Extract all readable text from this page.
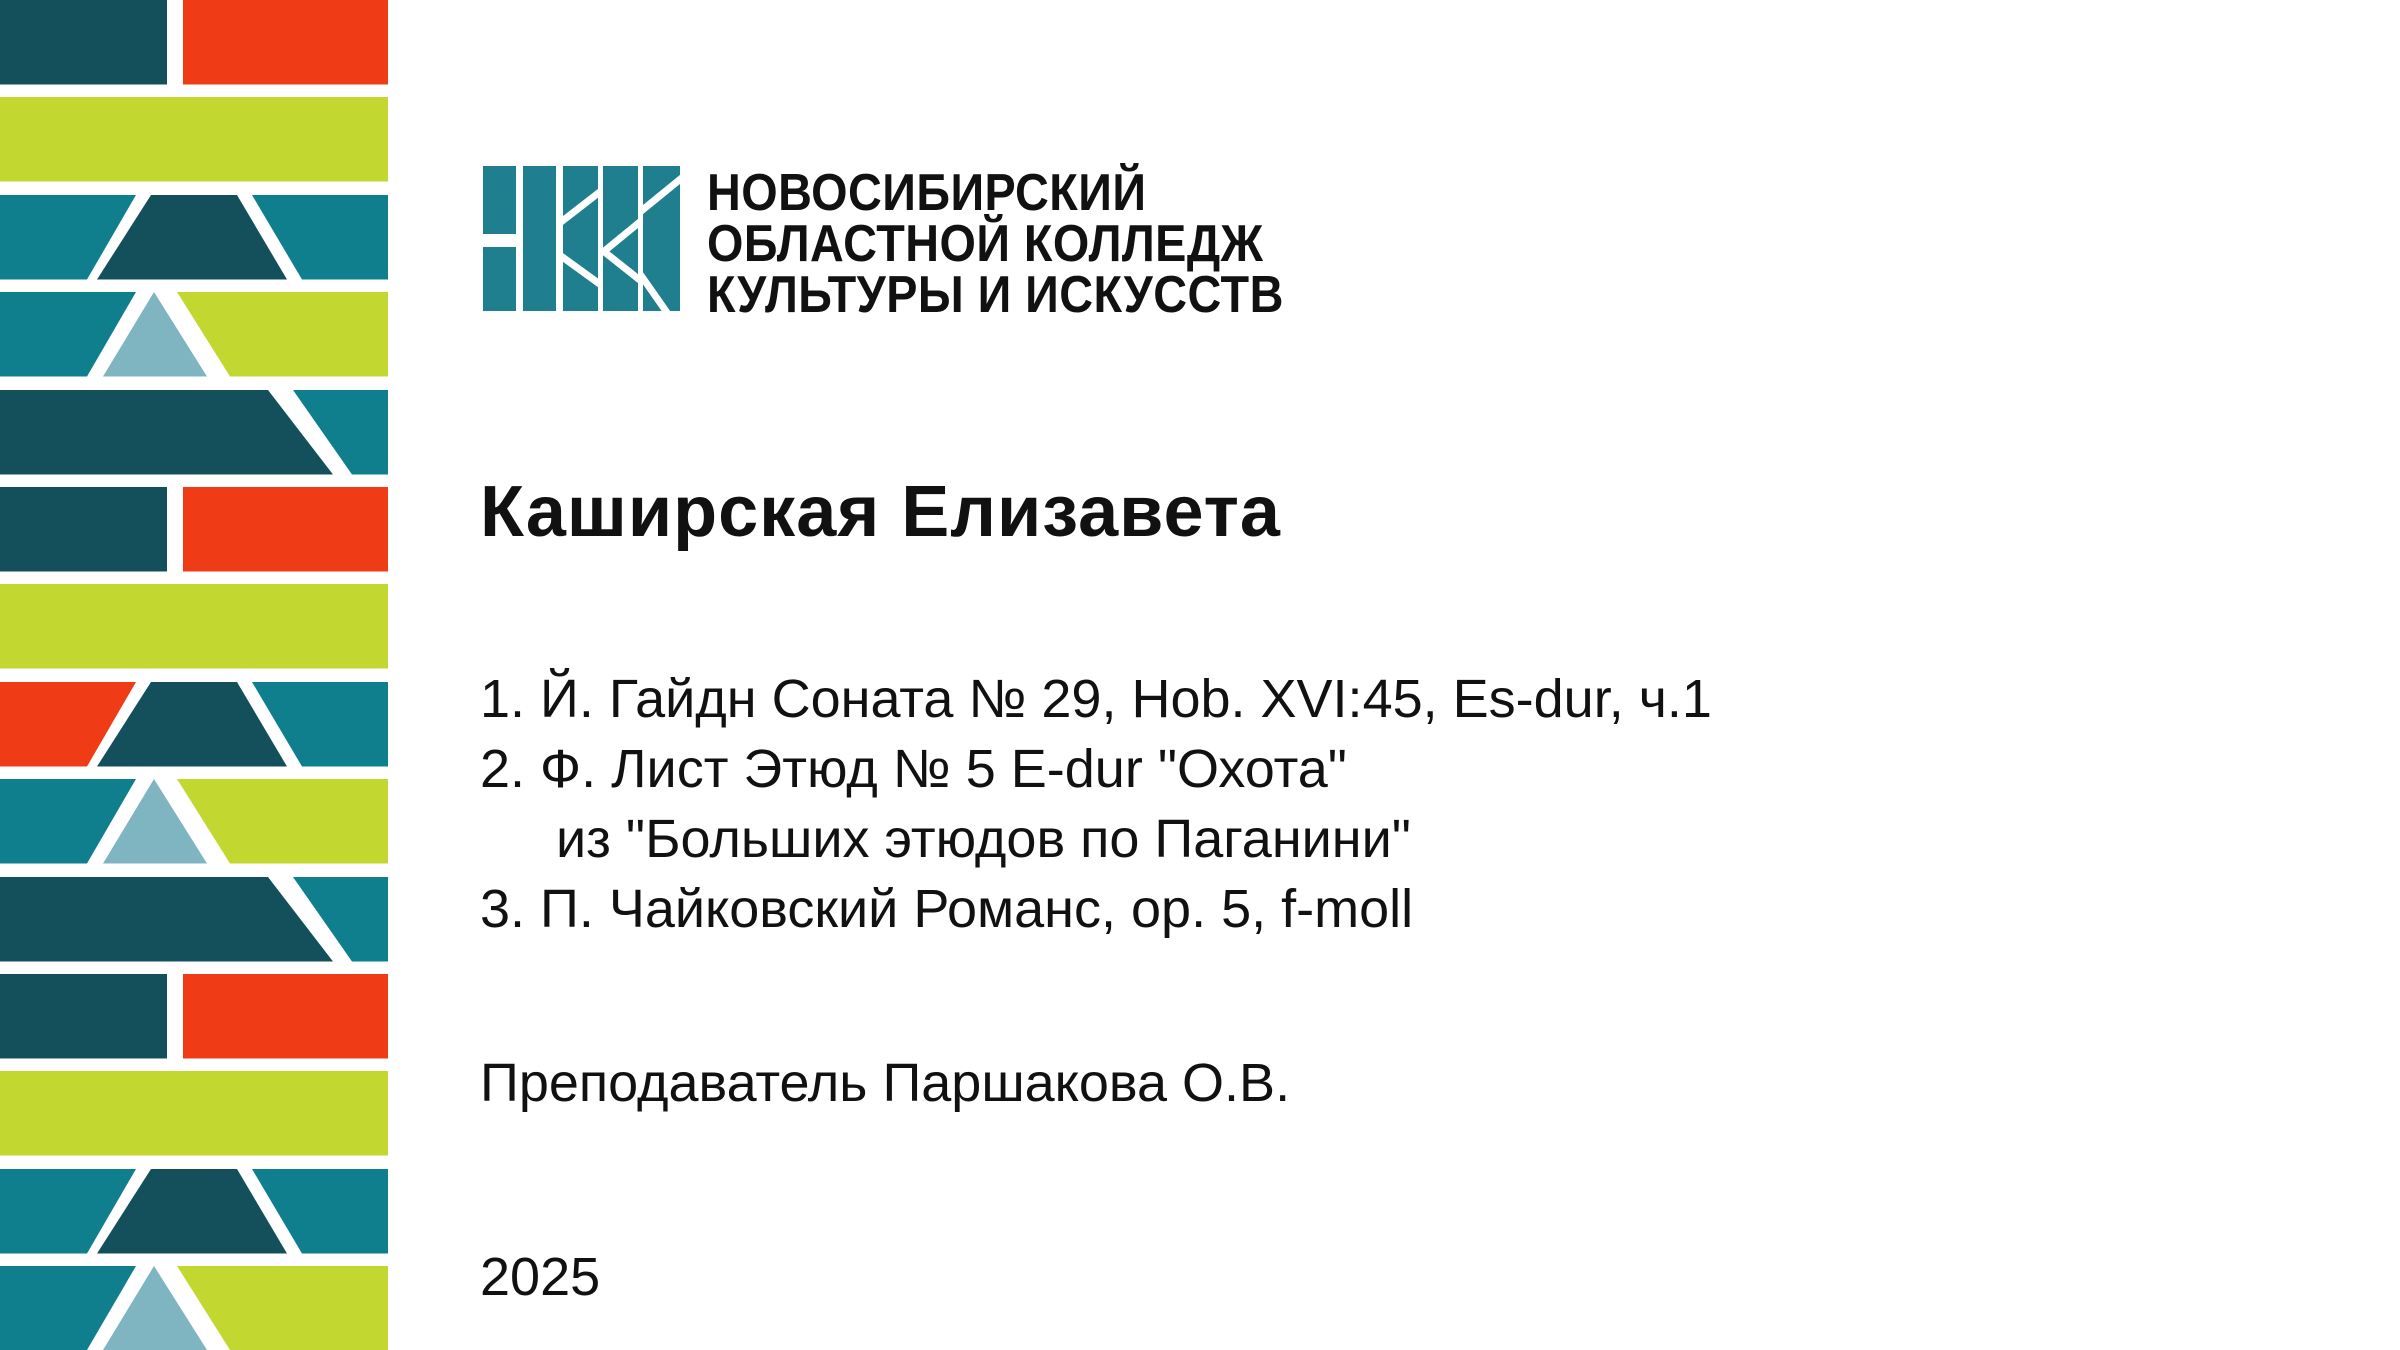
НОВОСИБИРСКИЙ
ОБЛАСТНОЙ КОЛЛЕДЖ
КУЛЬТУРЫ И ИСКУССТВ
Каширская Елизавета
1. Й. Гайдн Соната № 29, Hob. XVI:45, Es-dur, ч.1
2. Ф. Лист Этюд № 5 E-dur "Охота"
из "Больших этюдов по Паганини"
3. П. Чайковский Романс, op. 5, f-moll
Преподаватель Паршакова О.В.
2025
